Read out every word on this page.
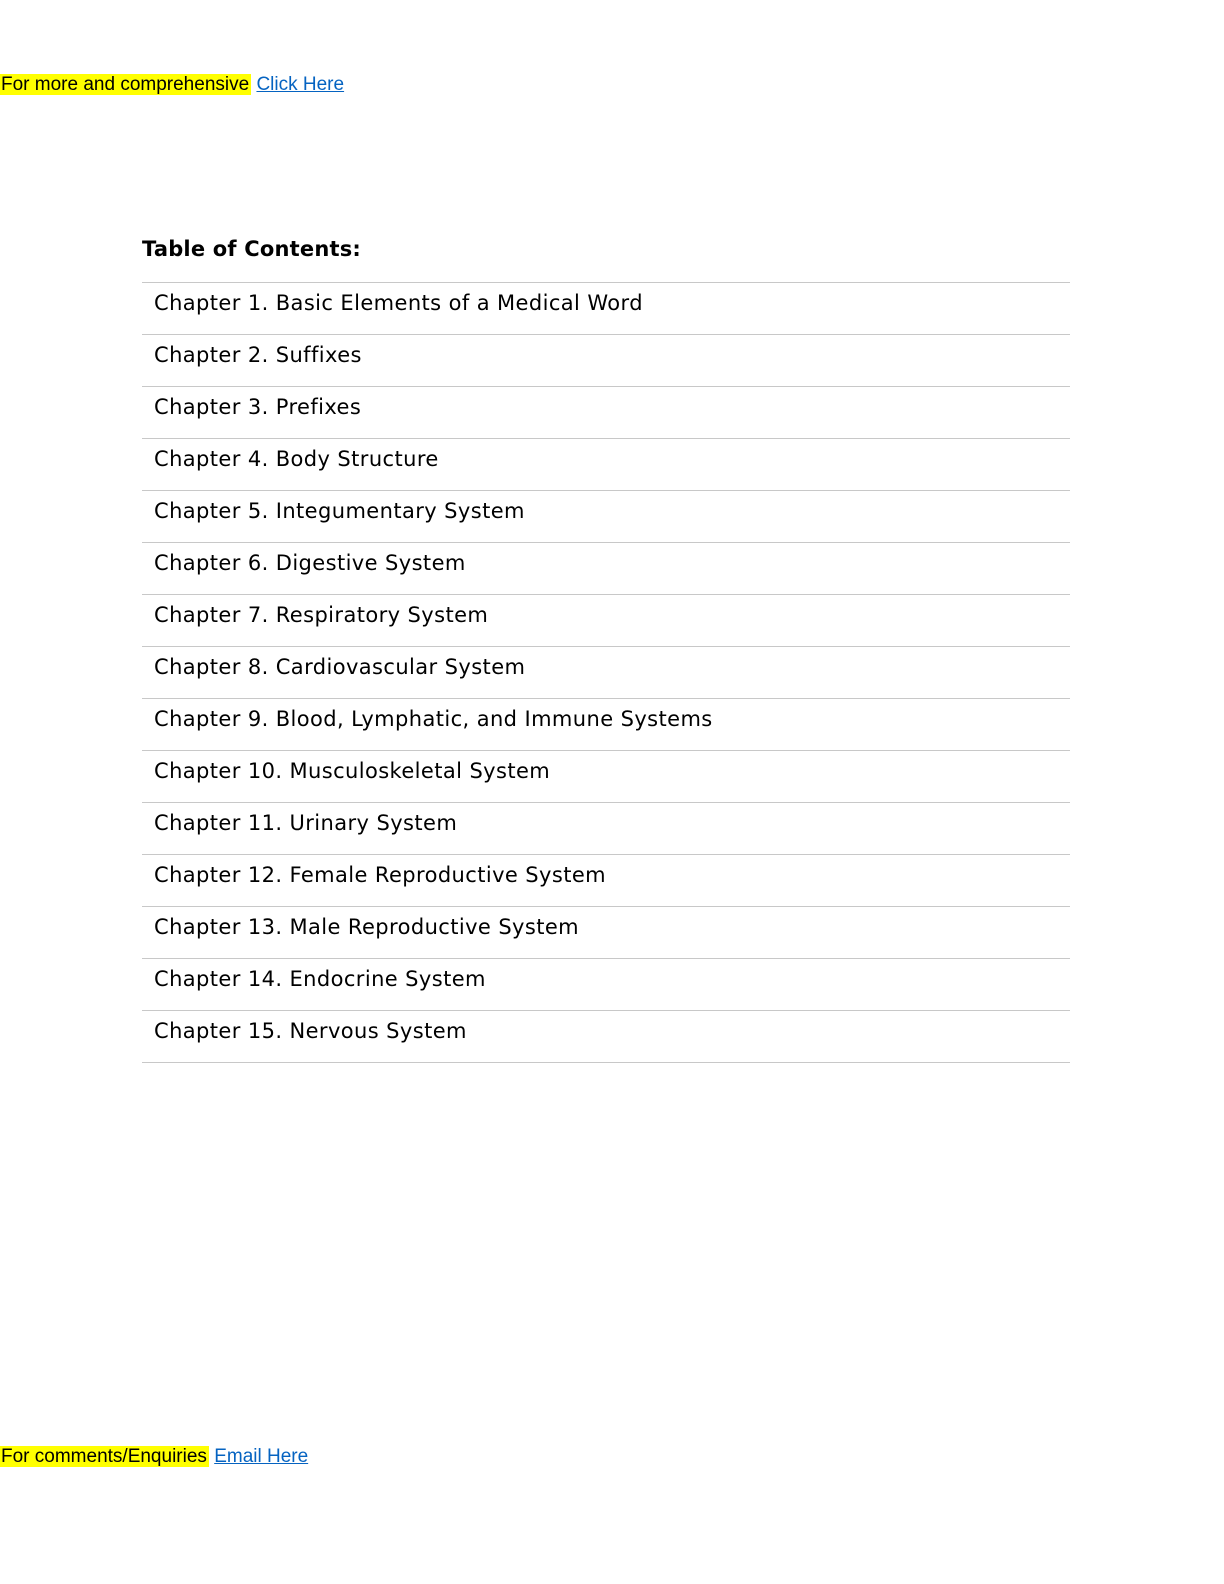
For more and comprehensive Click Here
Table of Contents:
Chapter 1. Basic Elements of a Medical Word
Chapter 2. Suffixes
Chapter 3. Prefixes
Chapter 4. Body Structure
Chapter 5. Integumentary System
Chapter 6. Digestive System
Chapter 7. Respiratory System
Chapter 8. Cardiovascular System
Chapter 9. Blood, Lymphatic, and Immune Systems
Chapter 10. Musculoskeletal System
Chapter 11. Urinary System
Chapter 12. Female Reproductive System
Chapter 13. Male Reproductive System
Chapter 14. Endocrine System
Chapter 15. Nervous System
For comments/Enquiries Email Here
